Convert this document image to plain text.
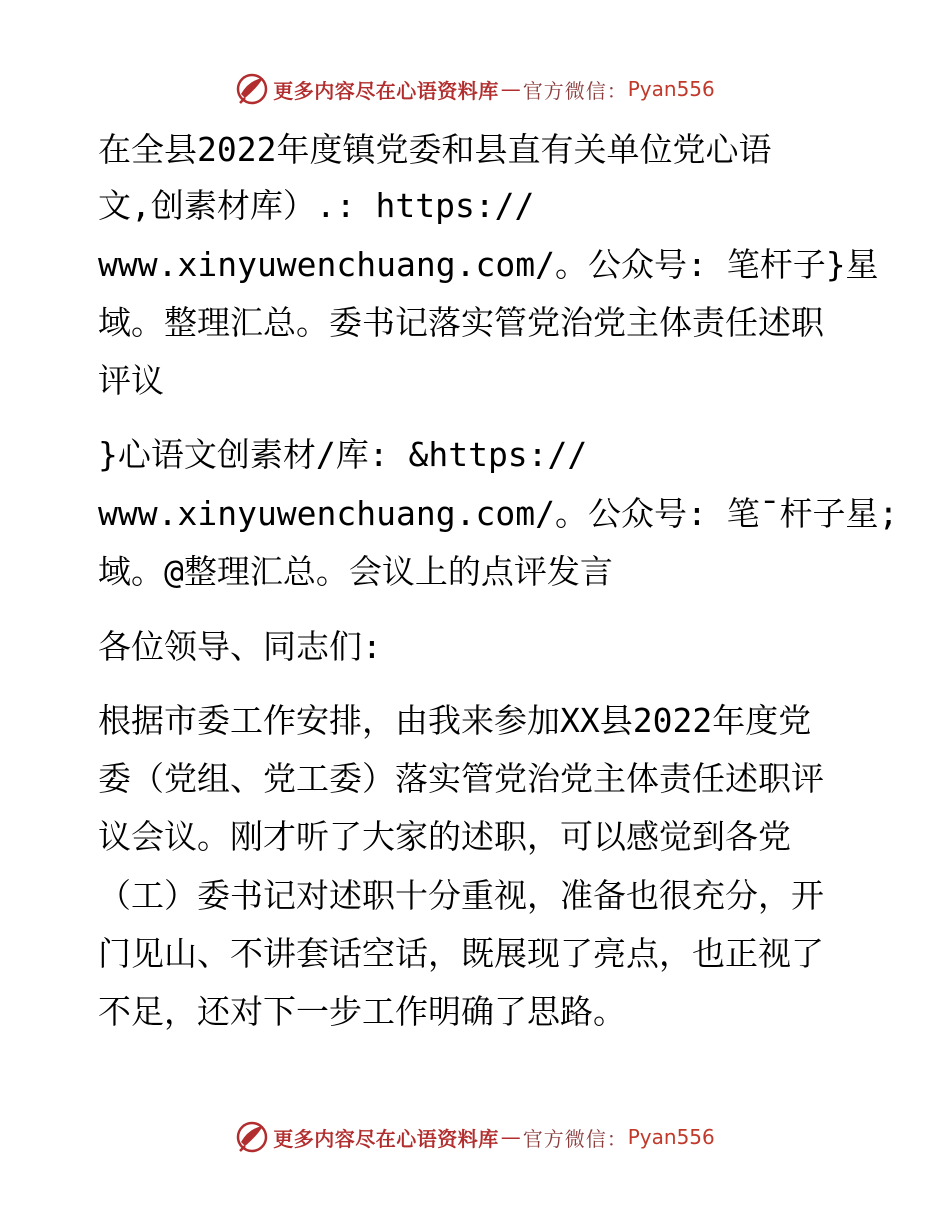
更多内容尽在心语资料库 — 官方微信： Pyan556
在全县2022年度镇党委和县直有关单位党心语
文,创素材库）.: https://
www.xinyuwenchuang.com/。公众号: 笔杆子}星
域。整理汇总。委书记落实管党治党主体责任述职
评议
}心语文创素材/库: &https://
www.xinyuwenchuang.com/。公众号: 笔¯杆子星;
域。@整理汇总。会议上的点评发言
各位领导、同志们:
根据市委工作安排，由我来参加XX县2022年度党
委（党组、党工委）落实管党治党主体责任述职评
议会议。刚才听了大家的述职，可以感觉到各党
（工）委书记对述职十分重视，准备也很充分，开
门见山、不讲套话空话，既展现了亮点，也正视了
不足，还对下一步工作明确了思路。
更多内容尽在心语资料库 — 官方微信： Pyan556
